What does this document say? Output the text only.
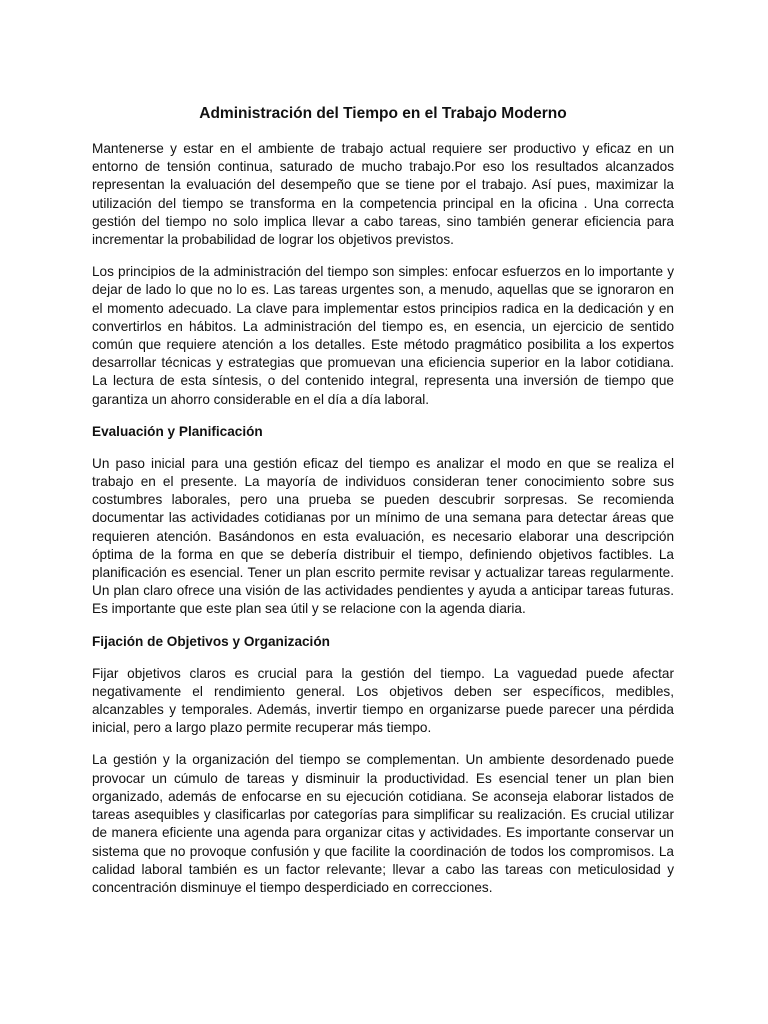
Administración del Tiempo en el Trabajo Moderno

Mantenerse y estar en el ambiente de trabajo actual requiere ser productivo y eficaz en un entorno de tensión continua, saturado de mucho trabajo.Por eso los resultados alcanzados representan la evaluación del desempeño que se tiene por el trabajo. Así pues, maximizar la utilización del tiempo se transforma en la competencia principal en la oficina . Una correcta gestión del tiempo no solo implica llevar a cabo tareas, sino también generar eficiencia para incrementar la probabilidad de lograr los objetivos previstos.

Los principios de la administración del tiempo son simples: enfocar esfuerzos en lo importante y dejar de lado lo que no lo es. Las tareas urgentes son, a menudo, aquellas que se ignoraron en el momento adecuado. La clave para implementar estos principios radica en la dedicación y en convertirlos en hábitos. La administración del tiempo es, en esencia, un ejercicio de sentido común que requiere atención a los detalles. Este método pragmático posibilita a los expertos desarrollar técnicas y estrategias que promuevan una eficiencia superior en la labor cotidiana. La lectura de esta síntesis, o del contenido integral, representa una inversión de tiempo que garantiza un ahorro considerable en el día a día laboral.

Evaluación y Planificación

Un paso inicial para una gestión eficaz del tiempo es analizar el modo en que se realiza el trabajo en el presente. La mayoría de individuos consideran tener conocimiento sobre sus costumbres laborales, pero una prueba se pueden descubrir sorpresas. Se recomienda documentar las actividades cotidianas por un mínimo de una semana para detectar áreas que requieren atención. Basándonos en esta evaluación, es necesario elaborar una descripción óptima de la forma en que se debería distribuir el tiempo, definiendo objetivos factibles. La planificación es esencial. Tener un plan escrito permite revisar y actualizar tareas regularmente. Un plan claro ofrece una visión de las actividades pendientes y ayuda a anticipar tareas futuras. Es importante que este plan sea útil y se relacione con la agenda diaria.

Fijación de Objetivos y Organización

Fijar objetivos claros es crucial para la gestión del tiempo. La vaguedad puede afectar negativamente el rendimiento general. Los objetivos deben ser específicos, medibles, alcanzables y temporales. Además, invertir tiempo en organizarse puede parecer una pérdida inicial, pero a largo plazo permite recuperar más tiempo.

La gestión y la organización del tiempo se complementan. Un ambiente desordenado puede provocar un cúmulo de tareas y disminuir la productividad. Es esencial tener un plan bien organizado, además de enfocarse en su ejecución cotidiana. Se aconseja elaborar listados de tareas asequibles y clasificarlas por categorías para simplificar su realización. Es crucial utilizar de manera eficiente una agenda para organizar citas y actividades. Es importante conservar un sistema que no provoque confusión y que facilite la coordinación de todos los compromisos. La calidad laboral también es un factor relevante; llevar a cabo las tareas con meticulosidad y concentración disminuye el tiempo desperdiciado en correcciones.
